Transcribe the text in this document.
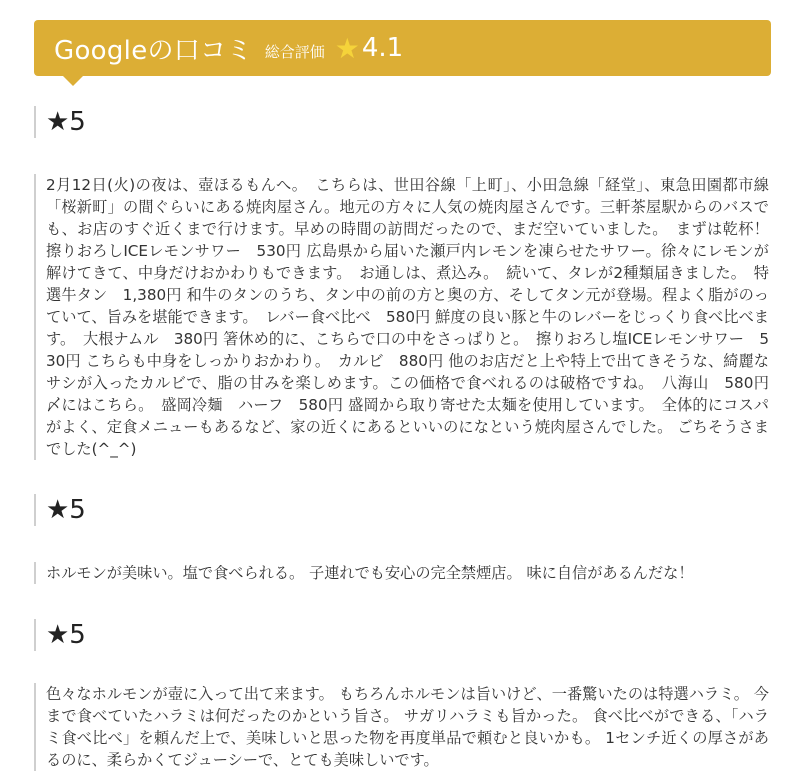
Googleの口コミ 総合評価 ★ 4.1
★5
2月12日(火)の夜は、壺ほるもんへ。　こちらは、世田谷線「上町」、小田急線「経堂」、東急田園都市線「桜新町」の間ぐらいにある焼肉屋さん。地元の方々に人気の焼肉屋さんです。三軒茶屋駅からのバスでも、お店のすぐ近くまで行けます。早めの時間の訪問だったので、まだ空いていました。　まずは乾杯！　擦りおろしICEレモンサワー　530円 広島県から届いた瀬戸内レモンを凍らせたサワー。徐々にレモンが解けてきて、中身だけおかわりもできます。　お通しは、煮込み。　続いて、タレが2種類届きました。　特選牛タン　1,380円 和牛のタンのうち、タン中の前の方と奥の方、そしてタン元が登場。程よく脂がのっていて、旨みを堪能できます。　レバー食べ比べ　580円 鮮度の良い豚と牛のレバーをじっくり食べ比べます。　大根ナムル　380円 箸休め的に、こちらで口の中をさっぱりと。　擦りおろし塩ICEレモンサワー　530円 こちらも中身をしっかりおかわり。　カルビ　880円 他のお店だと上や特上で出てきそうな、綺麗なサシが入ったカルビで、脂の甘みを楽しめます。この価格で食べれるのは破格ですね。　八海山　580円　〆にはこちら。　盛岡冷麺　ハーフ　580円 盛岡から取り寄せた太麺を使用しています。　全体的にコスパがよく、定食メニューもあるなど、家の近くにあるといいのになという焼肉屋さんでした。 ごちそうさまでした(^_^)
★5
ホルモンが美味い。塩で食べられる。 子連れでも安心の完全禁煙店。 味に自信があるんだな！
★5
色々なホルモンが壺に入って出て来ます。 もちろんホルモンは旨いけど、一番驚いたのは特選ハラミ。 今まで食べていたハラミは何だったのかという旨さ。 サガリハラミも旨かった。 食べ比べができる、「ハラミ食べ比べ」を頼んだ上で、美味しいと思った物を再度単品で頼むと良いかも。 1センチ近くの厚さがあるのに、柔らかくてジューシーで、とても美味しいです。
